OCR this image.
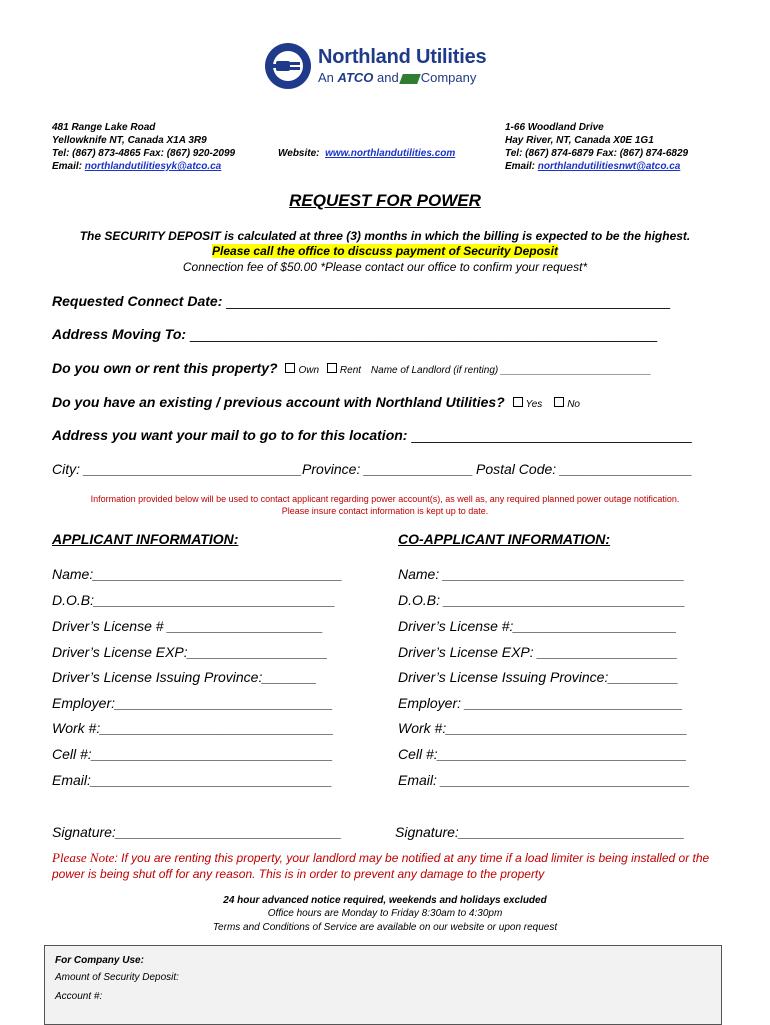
Northland Utilities
An ATCO and Company
481 Range Lake Road
Yellowknife NT, Canada X1A 3R9
Tel: (867) 873-4865 Fax: (867) 920-2099
Email: northlandutilitiesyk@atco.ca
Website: www.northlandutilities.com
1-66 Woodland Drive
Hay River, NT, Canada X0E 1G1
Tel: (867) 874-6879 Fax: (867) 874-6829
Email: northlandutilitiesnwt@atco.ca
REQUEST FOR POWER
The SECURITY DEPOSIT is calculated at three (3) months in which the billing is expected to be the highest.
Please call the office to discuss payment of Security Deposit
Connection fee of $50.00 *Please contact our office to confirm your request*
Requested Connect Date: _________________________________________________________
Address Moving To: ____________________________________________________________
Do you own or rent this property? Own Rent Name of Landlord (if renting) ___________________________
Do you have an existing / previous account with Northland Utilities? Yes No
Address you want your mail to go to for this location: ____________________________________
City: ____________________________ Province: ______________ Postal Code: _________________
Information provided below will be used to contact applicant regarding power account(s), as well as, any required planned power outage notification.
Please insure contact information is kept up to date.
APPLICANT INFORMATION:	CO-APPLICANT INFORMATION:
Name:________________________________
D.O.B:_______________________________
Driver’s License # ____________________
Driver’s License EXP:__________________
Driver’s License Issuing Province:_______
Employer:____________________________
Work #:______________________________
Cell #:_______________________________
Email:_______________________________
Name: _______________________________
D.O.B: _______________________________
Driver’s License #:_____________________
Driver’s License EXP: __________________
Driver’s License Issuing Province:_________
Employer: ____________________________
Work #:_______________________________
Cell #:________________________________
Email: ________________________________
Signature:_____________________________	Signature:_____________________________
Please Note: If you are renting this property, your landlord may be notified at any time if a load limiter is being installed or the power is being shut off for any reason. This is in order to prevent any damage to the property
24 hour advanced notice required, weekends and holidays excluded
Office hours are Monday to Friday 8:30am to 4:30pm
Terms and Conditions of Service are available on our website or upon request
For Company Use:
Amount of Security Deposit:
Account #:
